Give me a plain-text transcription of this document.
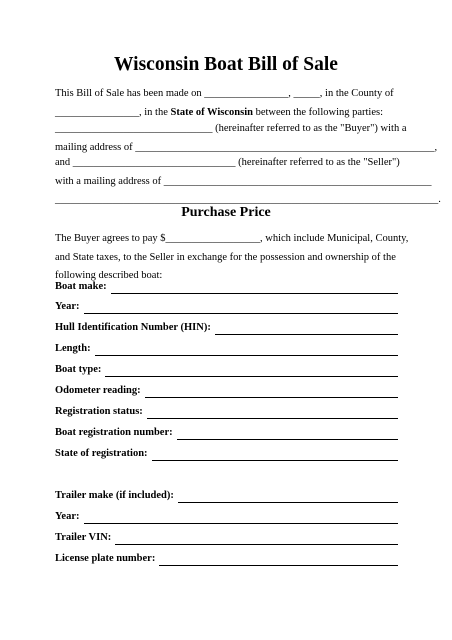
Wisconsin Boat Bill of Sale
This Bill of Sale has been made on ________________, _____, in the County of
________________, in the State of Wisconsin between the following parties:
______________________________ (hereinafter referred to as the "Buyer") with a
mailing address of _________________________________________________________,
and _______________________________ (hereinafter referred to as the "Seller")
with a mailing address of ___________________________________________________
_________________________________________________________________________.
Purchase Price
The Buyer agrees to pay $__________________, which include Municipal, County,
and State taxes, to the Seller in exchange for the possession and ownership of the
following described boat:
Boat make:
Year:
Hull Identification Number (HIN):
Length:
Boat type:
Odometer reading:
Registration status:
Boat registration number:
State of registration:
Trailer make (if included):
Year:
Trailer VIN:
License plate number:
